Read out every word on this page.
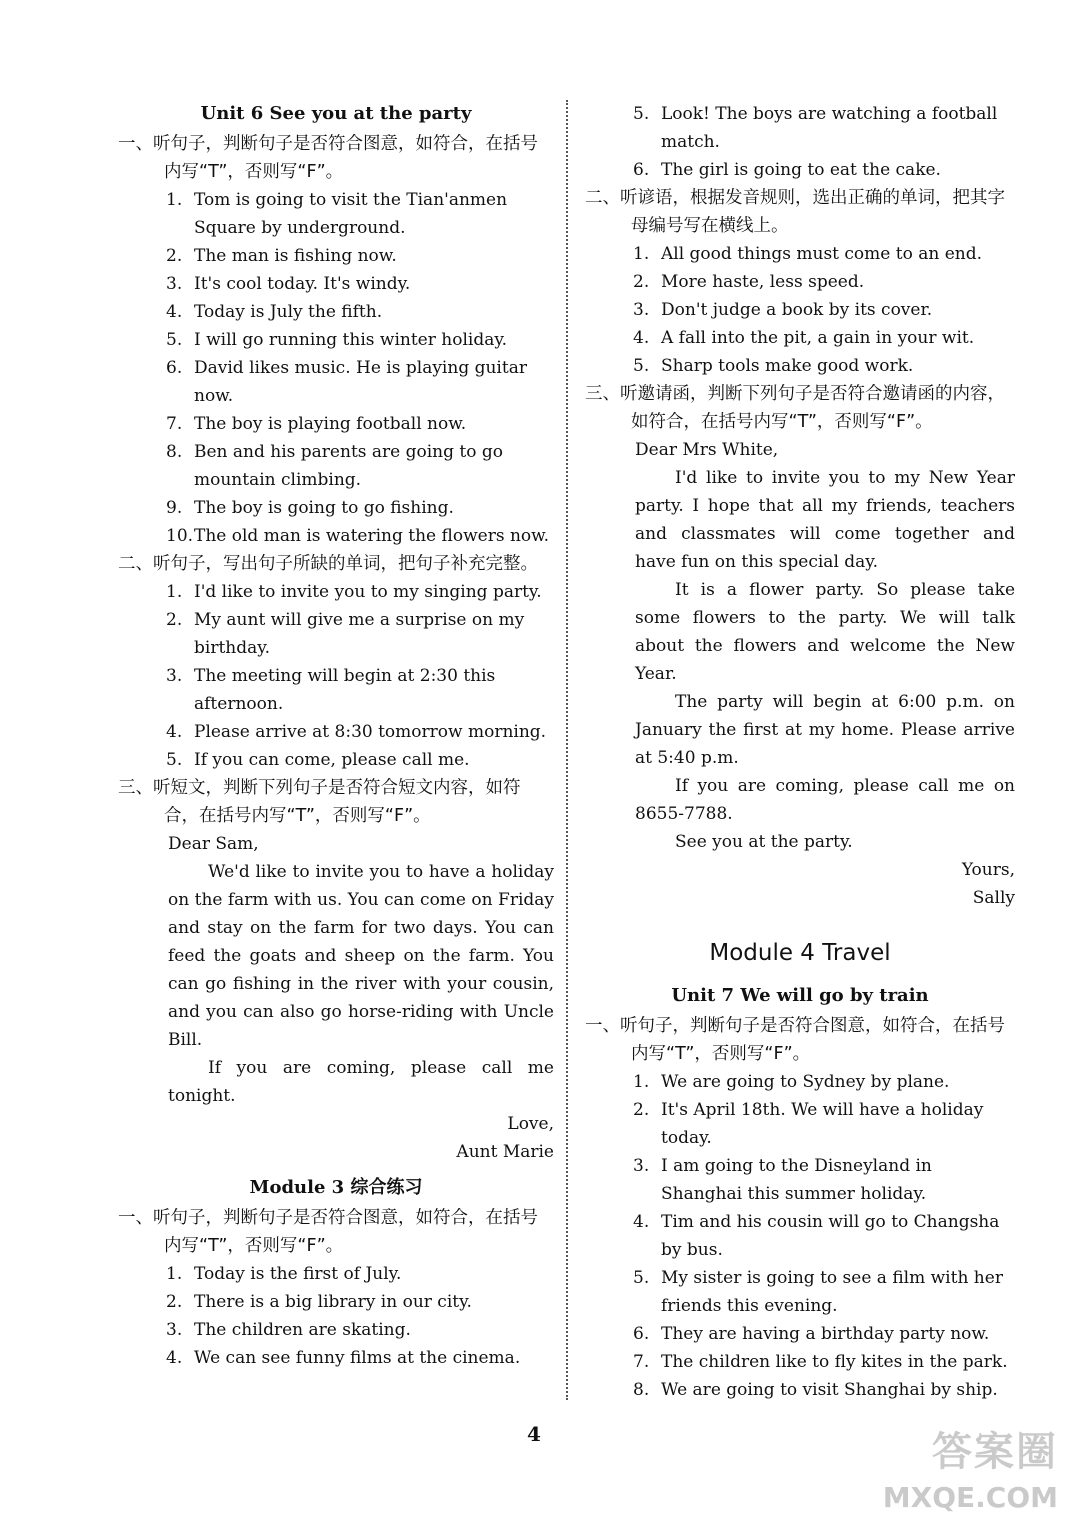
Unit 6 See you at the party
一、听句子，判断句子是否符合图意，如符合，在括号内写“T”，否则写“F”。
1. Tom is going to visit the Tian'anmen Square by underground.
2. The man is fishing now.
3. It's cool today. It's windy.
4. Today is July the fifth.
5. I will go running this winter holiday.
6. David likes music. He is playing guitar now.
7. The boy is playing football now.
8. Ben and his parents are going to go mountain climbing.
9. The boy is going to go fishing.
10.The old man is watering the flowers now.
二、听句子，写出句子所缺的单词，把句子补充完整。
1. I'd like to invite you to my singing party.
2. My aunt will give me a surprise on my birthday.
3. The meeting will begin at 2:30 this afternoon.
4. Please arrive at 8:30 tomorrow morning.
5. If you can come, please call me.
三、听短文，判断下列句子是否符合短文内容，如符合，在括号内写“T”，否则写“F”。
Dear Sam,
We'd like to invite you to have a holiday on the farm with us. You can come on Friday and stay on the farm for two days. You can feed the goats and sheep on the farm. You can go fishing in the river with your cousin, and you can also go horse-riding with Uncle Bill.
If you are coming, please call me tonight.
Love,
Aunt Marie
Module 3 综合练习
一、听句子，判断句子是否符合图意，如符合，在括号内写“T”，否则写“F”。
1. Today is the first of July.
2. There is a big library in our city.
3. The children are skating.
4. We can see funny films at the cinema.
5. Look! The boys are watching a football match.
6. The girl is going to eat the cake.
二、听谚语，根据发音规则，选出正确的单词，把其字母编号写在横线上。
1. All good things must come to an end.
2. More haste, less speed.
3. Don't judge a book by its cover.
4. A fall into the pit, a gain in your wit.
5. Sharp tools make good work.
三、听邀请函，判断下列句子是否符合邀请函的内容，如符合，在括号内写“T”，否则写“F”。
Dear Mrs White,
I'd like to invite you to my New Year party. I hope that all my friends, teachers and classmates will come together and have fun on this special day.
It is a flower party. So please take some flowers to the party. We will talk about the flowers and welcome the New Year.
The party will begin at 6:00 p.m. on January the first at my home. Please arrive at 5:40 p.m.
If you are coming, please call me on 8655-7788.
See you at the party.
Yours,
Sally
Module 4 Travel
Unit 7 We will go by train
一、听句子，判断句子是否符合图意，如符合，在括号内写“T”，否则写“F”。
1. We are going to Sydney by plane.
2. It's April 18th. We will have a holiday today.
3. I am going to the Disneyland in Shanghai this summer holiday.
4. Tim and his cousin will go to Changsha by bus.
5. My sister is going to see a film with her friends this evening.
6. They are having a birthday party now.
7. The children like to fly kites in the park.
8. We are going to visit Shanghai by ship.
4	答案圈
MXQE.COM
